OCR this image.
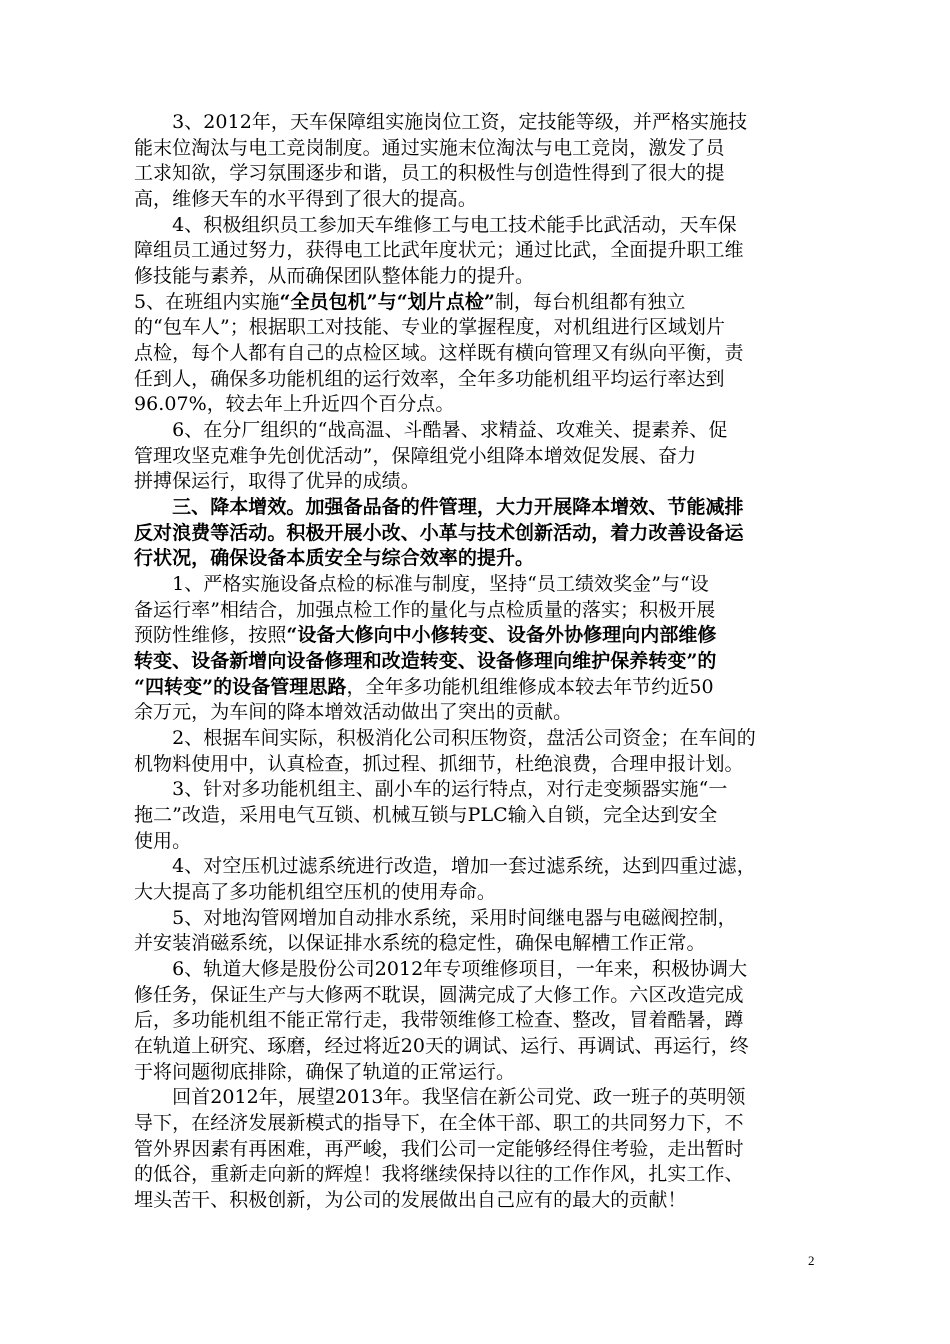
　　3、2012年，天车保障组实施岗位工资，定技能等级，并严格实施技
能末位淘汰与电工竞岗制度。通过实施末位淘汰与电工竞岗，激发了员
工求知欲，学习氛围逐步和谐，员工的积极性与创造性得到了很大的提
高，维修天车的水平得到了很大的提高。
　　4、积极组织员工参加天车维修工与电工技术能手比武活动，天车保
障组员工通过努力，获得电工比武年度状元；通过比武，全面提升职工维
修技能与素养，从而确保团队整体能力的提升。
5、在班组内实施“全员包机”与“划片点检”制，每台机组都有独立
的“包车人”；根据职工对技能、专业的掌握程度，对机组进行区域划片
点检，每个人都有自己的点检区域。这样既有横向管理又有纵向平衡，责
任到人，确保多功能机组的运行效率，全年多功能机组平均运行率达到
96.07%，较去年上升近四个百分点。
　　6、在分厂组织的“战高温、斗酷暑、求精益、攻难关、提素养、促
管理攻坚克难争先创优活动”，保障组党小组降本增效促发展、奋力
拼搏保运行，取得了优异的成绩。
　　三、降本增效。加强备品备的件管理，大力开展降本增效、节能减排
反对浪费等活动。积极开展小改、小革与技术创新活动，着力改善设备运
行状况，确保设备本质安全与综合效率的提升。
　　1、严格实施设备点检的标准与制度，坚持“员工绩效奖金”与“设
备运行率”相结合，加强点检工作的量化与点检质量的落实；积极开展
预防性维修，按照“设备大修向中小修转变、设备外协修理向内部维修
转变、设备新增向设备修理和改造转变、设备修理向维护保养转变”的
“四转变”的设备管理思路，全年多功能机组维修成本较去年节约近50
余万元，为车间的降本增效活动做出了突出的贡献。
　　2、根据车间实际，积极消化公司积压物资，盘活公司资金；在车间的
机物料使用中，认真检查，抓过程、抓细节，杜绝浪费，合理申报计划。
　　3、针对多功能机组主、副小车的运行特点，对行走变频器实施“一
拖二”改造，采用电气互锁、机械互锁与PLC输入自锁，完全达到安全
使用。
　　4、对空压机过滤系统进行改造，增加一套过滤系统，达到四重过滤，
大大提高了多功能机组空压机的使用寿命。
　　5、对地沟管网增加自动排水系统，采用时间继电器与电磁阀控制，
并安装消磁系统，以保证排水系统的稳定性，确保电解槽工作正常。
　　6、轨道大修是股份公司2012年专项维修项目，一年来，积极协调大
修任务，保证生产与大修两不耽误，圆满完成了大修工作。六区改造完成
后，多功能机组不能正常行走，我带领维修工检查、整改，冒着酷暑，蹲
在轨道上研究、琢磨，经过将近20天的调试、运行、再调试、再运行，终
于将问题彻底排除，确保了轨道的正常运行。
　　回首2012年，展望2013年。我坚信在新公司党、政一班子的英明领
导下，在经济发展新模式的指导下，在全体干部、职工的共同努力下，不
管外界因素有再困难，再严峻，我们公司一定能够经得住考验，走出暂时
的低谷，重新走向新的辉煌！我将继续保持以往的工作作风，扎实工作、
埋头苦干、积极创新，为公司的发展做出自己应有的最大的贡献！
2
